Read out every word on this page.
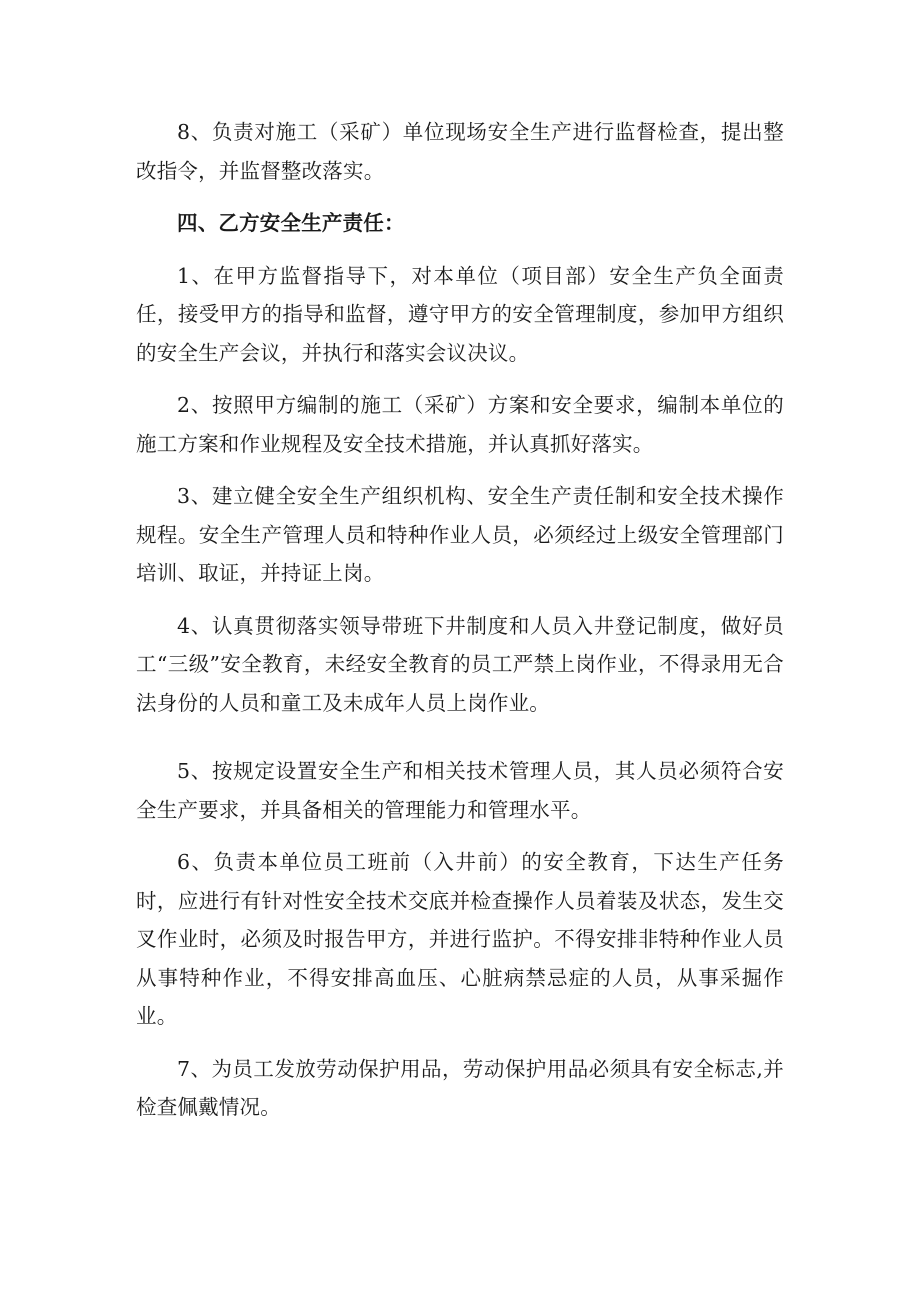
8、负责对施工（采矿）单位现场安全生产进行监督检查，提出整改指令，并监督整改落实。

四、乙方安全生产责任：

1、在甲方监督指导下，对本单位（项目部）安全生产负全面责任，接受甲方的指导和监督，遵守甲方的安全管理制度，参加甲方组织的安全生产会议，并执行和落实会议决议。

2、按照甲方编制的施工（采矿）方案和安全要求，编制本单位的施工方案和作业规程及安全技术措施，并认真抓好落实。

3、建立健全安全生产组织机构、安全生产责任制和安全技术操作规程。安全生产管理人员和特种作业人员，必须经过上级安全管理部门培训、取证，并持证上岗。

4、认真贯彻落实领导带班下井制度和人员入井登记制度，做好员工“三级”安全教育，未经安全教育的员工严禁上岗作业，不得录用无合法身份的人员和童工及未成年人员上岗作业。

5、按规定设置安全生产和相关技术管理人员，其人员必须符合安全生产要求，并具备相关的管理能力和管理水平。

6、负责本单位员工班前（入井前）的安全教育，下达生产任务时，应进行有针对性安全技术交底并检查操作人员着装及状态，发生交叉作业时，必须及时报告甲方，并进行监护。不得安排非特种作业人员从事特种作业，不得安排高血压、心脏病禁忌症的人员，从事采掘作业。

7、为员工发放劳动保护用品，劳动保护用品必须具有安全标志,并检查佩戴情况。
